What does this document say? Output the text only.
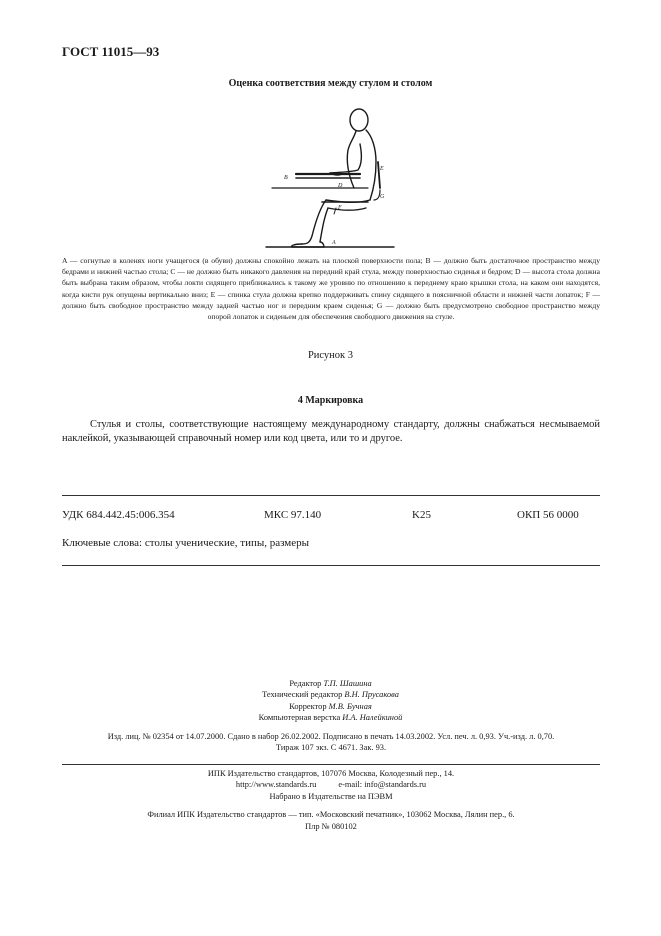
ГОСТ 11015—93
Оценка соответствия между стулом и столом
B
D
E
G
F
A
A — согнутые в коленях ноги учащегося (в обуви) должны спокойно лежать на плоской поверхности пола; B — должно быть достаточное пространство между бедрами и нижней частью стола; C — не должно быть никакого давления на передний край стула, между поверхностью сиденья и бедром; D — высота стола должна быть выбрана таким образом, чтобы локти сидящего приближались к такому же уровню по отношению к переднему краю крышки стола, на каком они находятся, когда кисти рук опущены вертикально вниз; E — спинка стула должна крепко поддерживать спину сидящего в поясничной области и нижней части лопаток; F — должно быть свободное пространство между задней частью ног и передним краем сиденья; G — должно быть предусмотрено свободное пространство между опорой лопаток и сиденьем для обеспечения свободного движения на стуле.
Рисунок 3
4 Маркировка
Стулья и столы, соответствующие настоящему международному стандарту, должны снабжаться несмываемой наклейкой, указывающей справочный номер или код цвета, или то и другое.
УДК 684.442.45:006.354	МКС 97.140	K25	ОКП 56 0000
Ключевые слова: столы ученические, типы, размеры
Редактор Т.П. Шашина
Технический редактор В.Н. Прусакова
Корректор М.В. Бучная
Компьютерная верстка И.А. Налейкиной
Изд. лиц. № 02354 от 14.07.2000. Сдано в набор 26.02.2002. Подписано в печать 14.03.2002. Усл. печ. л. 0,93. Уч.-изд. л. 0,70.
Тираж 107 экз. С 4671. Зак. 93.
ИПК Издательство стандартов, 107076 Москва, Колодезный пер., 14.
http://www.standards.ru	e-mail: info@standards.ru
Набрано в Издательстве на ПЭВМ
Филиал ИПК Издательство стандартов — тип. «Московский печатник», 103062 Москва, Лялин пер., 6.
Плр № 080102
